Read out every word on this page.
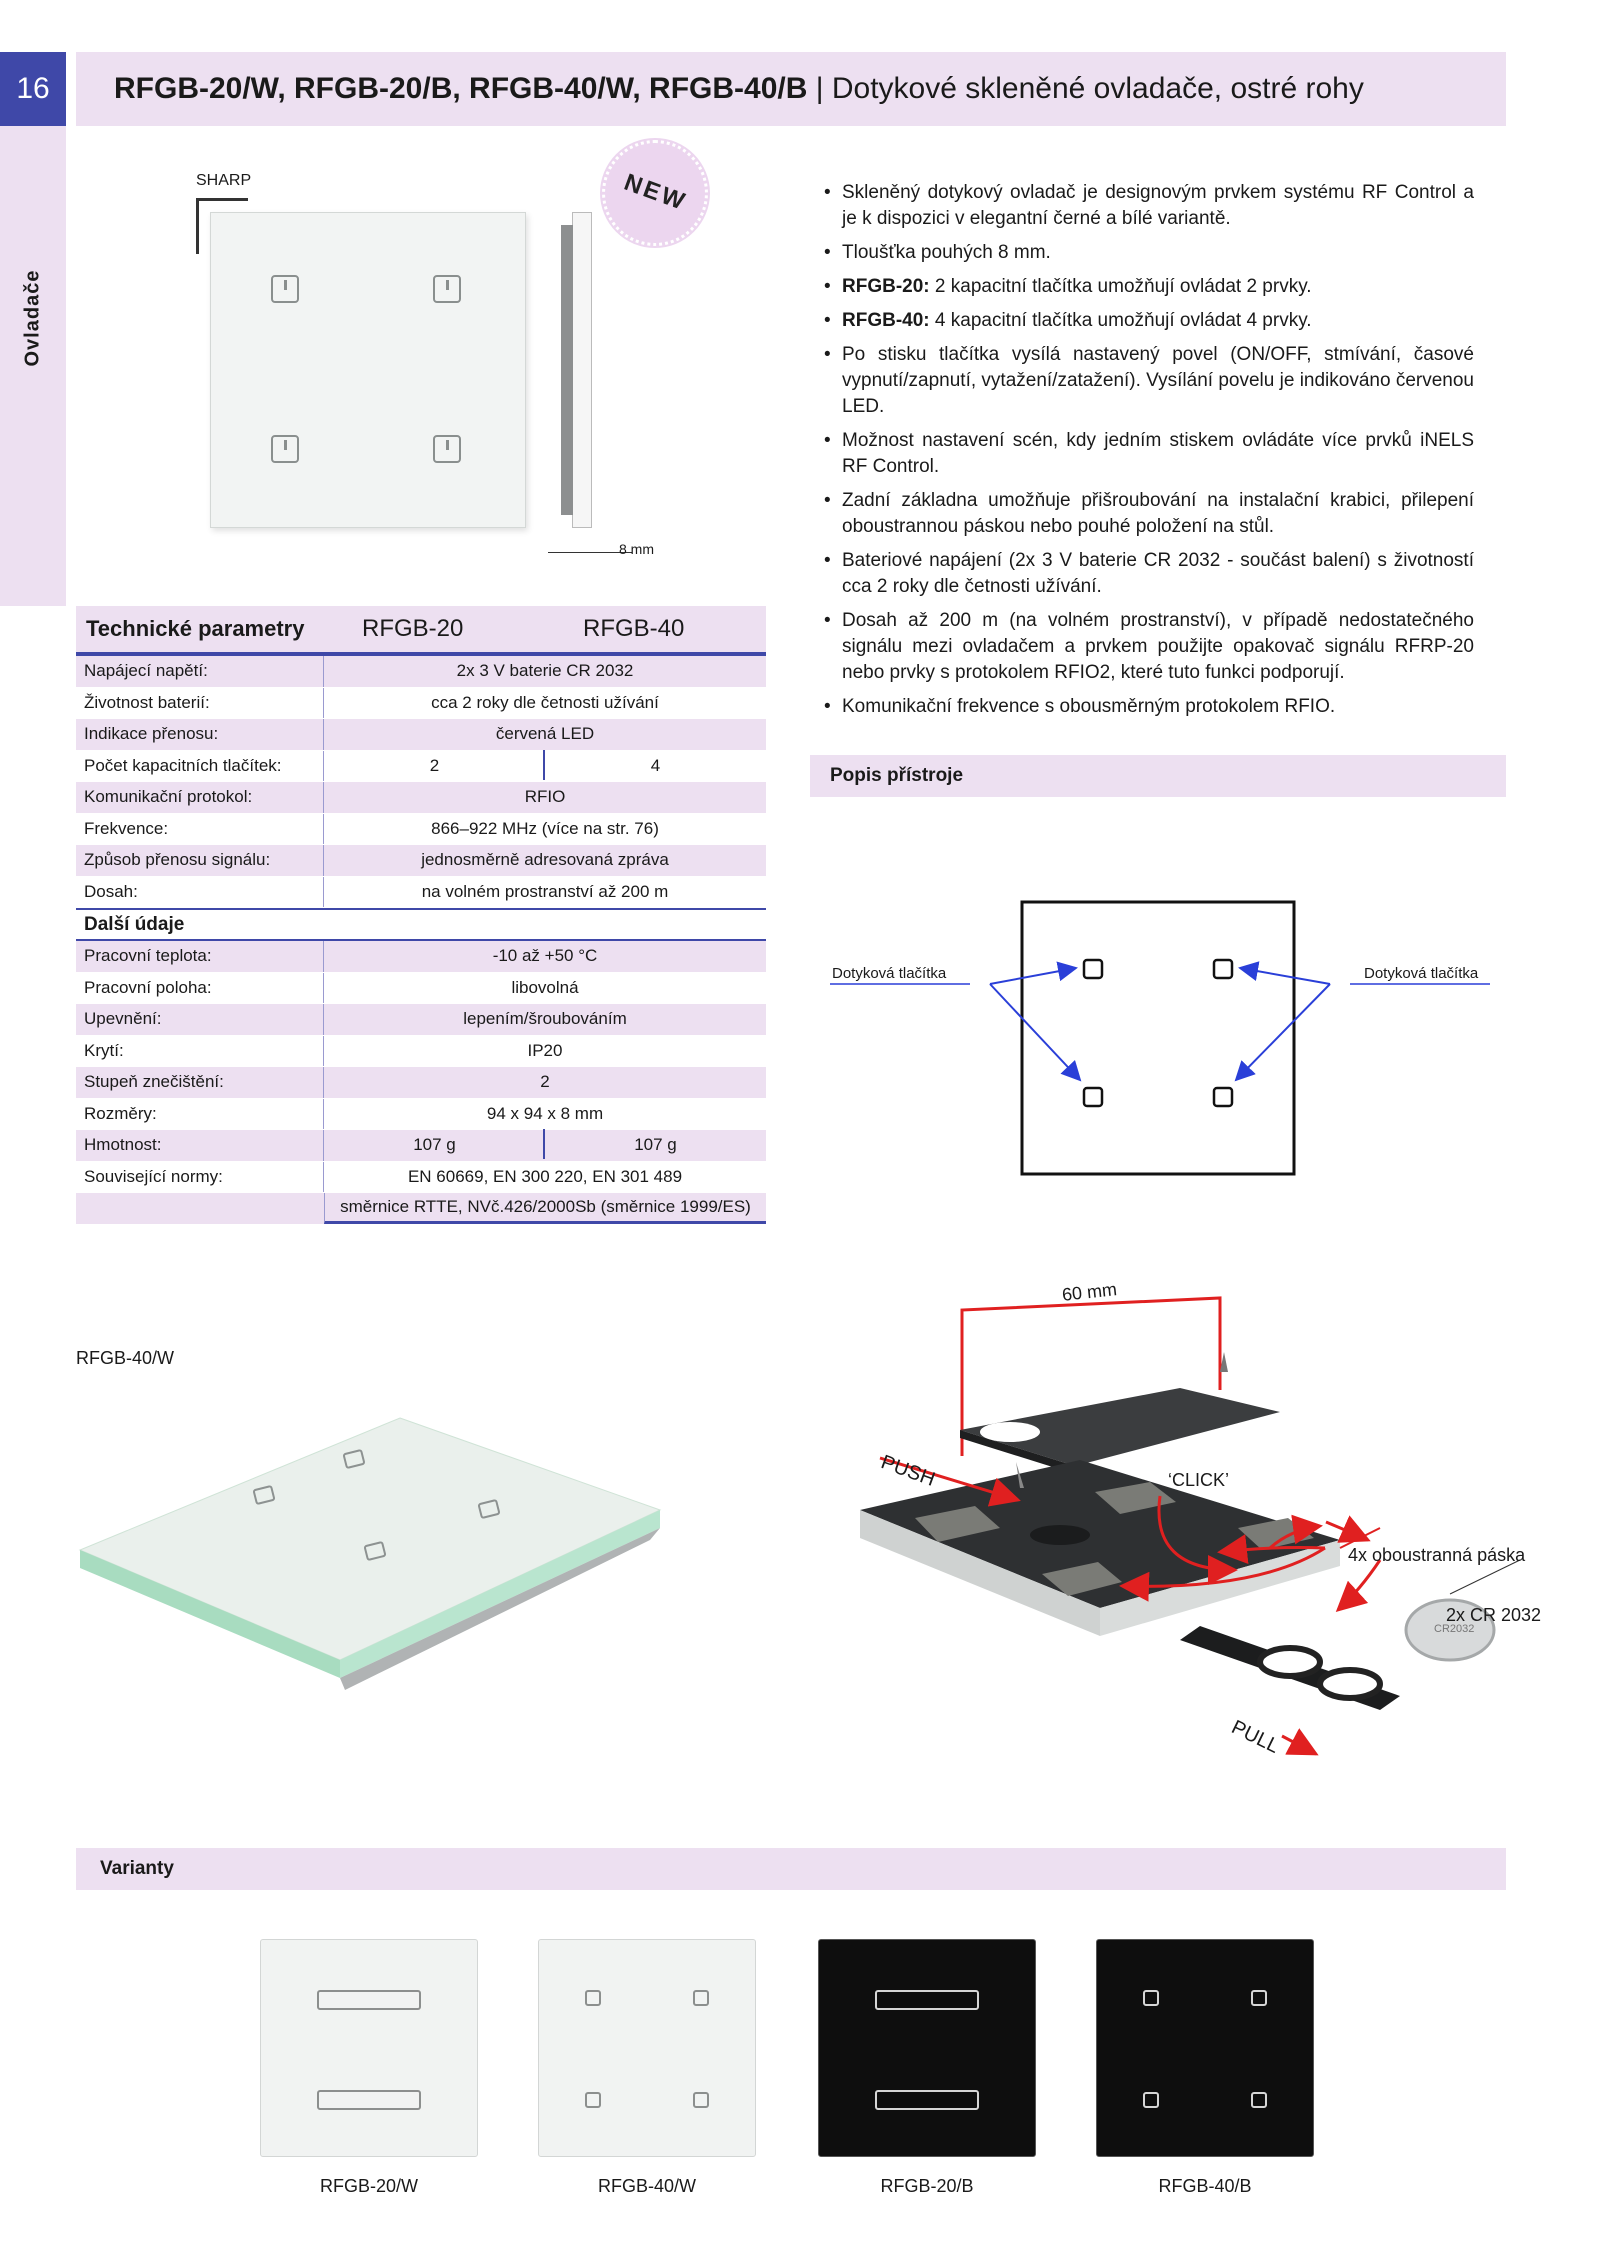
16	RFGB-20/W, RFGB-20/B, RFGB-40/W, RFGB-40/B | Dotykové skleněné ovladače, ostré rohy
Ovladače
SHARP
8 mm
NEW
Technické parametry	RFGB-20	RFGB-40
Napájecí napětí:	2x 3 V baterie CR 2032
Životnost baterií:	cca 2 roky dle četnosti užívání
Indikace přenosu:	červená LED
Počet kapacitních tlačítek:	2	4
Komunikační protokol:	RFIO
Frekvence:	866–922 MHz (více na str. 76)
Způsob přenosu signálu:	jednosměrně adresovaná zpráva
Dosah:	na volném prostranství až 200 m
Další údaje
Pracovní teplota:	-10 až +50 °C
Pracovní poloha:	libovolná
Upevnění:	lepením/šroubováním
Krytí:	IP20
Stupeň znečištění:	2
Rozměry:	94 x 94 x 8 mm
Hmotnost:	107 g	107 g
Související normy:	EN 60669, EN 300 220, EN 301 489
směrnice RTTE, NVč.426/2000Sb (směrnice 1999/ES)
• Skleněný dotykový ovladač je designovým prvkem systému RF Control a je k dispozici v elegantní černé a bílé variantě.
• Tloušťka pouhých 8 mm.
• RFGB-20: 2 kapacitní tlačítka umožňují ovládat 2 prvky.
• RFGB-40: 4 kapacitní tlačítka umožňují ovládat 4 prvky.
• Po stisku tlačítka vysílá nastavený povel (ON/OFF, stmívání, časové vypnutí/zapnutí, vytažení/zatažení). Vysílání povelu je indikováno červenou LED.
• Možnost nastavení scén, kdy jedním stiskem ovládáte více prvků iNELS RF Control.
• Zadní základna umožňuje přišroubování na instalační krabici, přilepení oboustrannou páskou nebo pouhé položení na stůl.
• Bateriové napájení (2x 3 V baterie CR 2032 - součást balení) s životností cca 2 roky dle četnosti užívání.
• Dosah až 200 m (na volném prostranství), v případě nedostatečného signálu mezi ovladačem a prvkem použijte opakovač signálu RFRP-20 nebo prvky s protokolem RFIO2, které tuto funkci podporují.
• Komunikační frekvence s obousměrným protokolem RFIO.
Popis přístroje
Dotyková tlačítka	Dotyková tlačítka
RFGB-40/W
CR2032
60 mm
PUSH	‘CLICK’
4x oboustranná páska
2x CR 2032
PULL
Varianty
RFGB-20/W	RFGB-40/W	RFGB-20/B	RFGB-40/B
